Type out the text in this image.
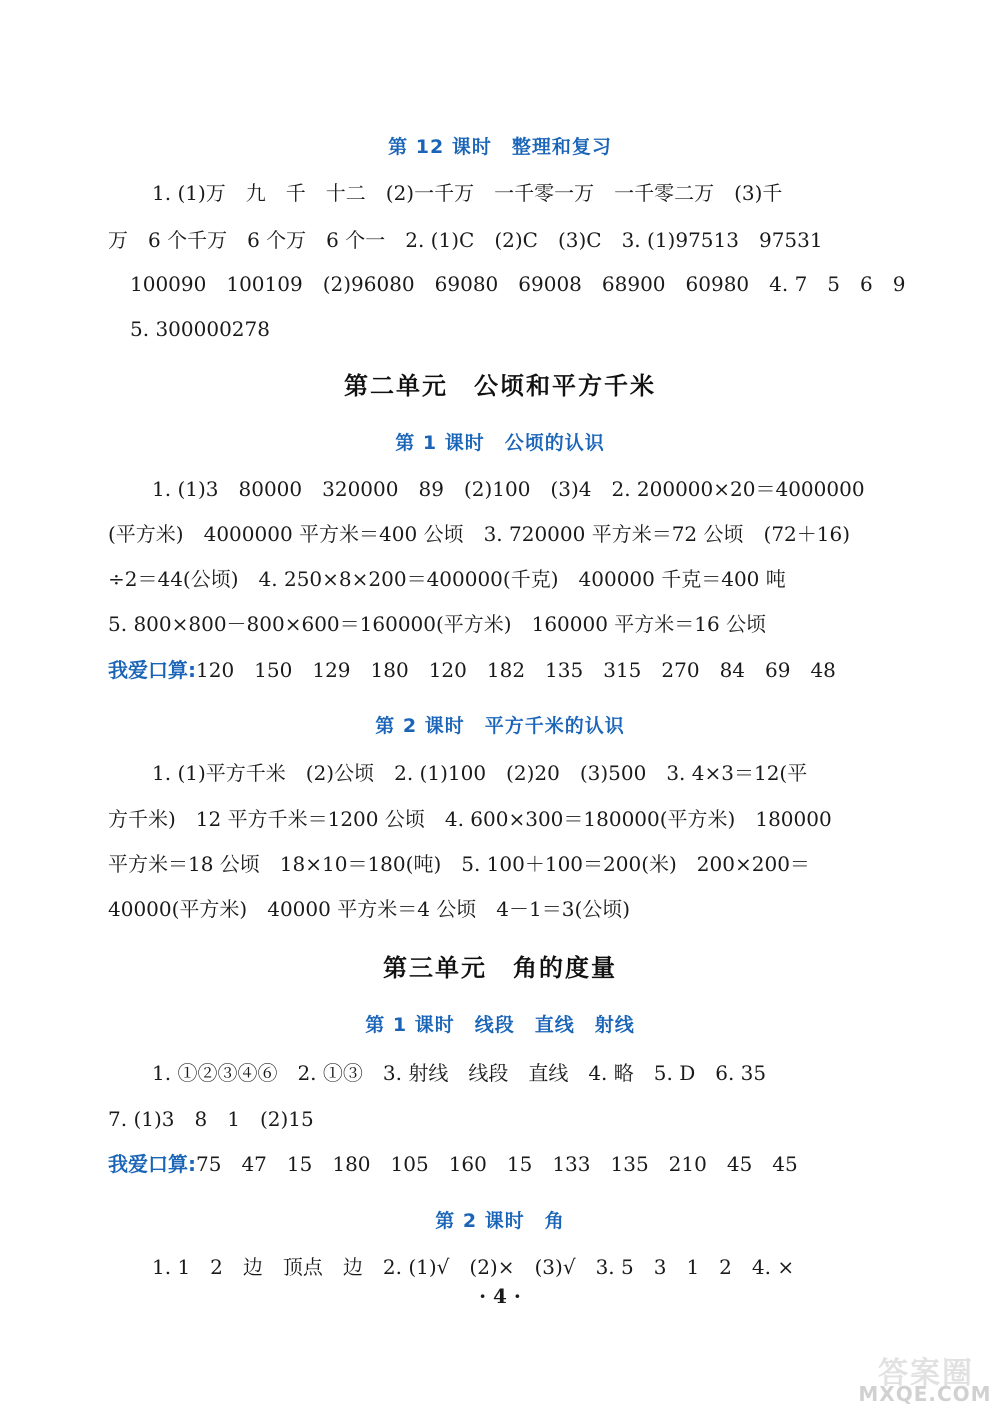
第 12 课时　整理和复习
1. (1)万　九　千　十二　(2)一千万　一千零一万　一千零二万　(3)千
万　6 个千万　6 个万　6 个一　2. (1)C　(2)C　(3)C　3. (1)97513　97531
100090　100109　(2)96080　69080　69008　68900　60980　4. 7　5　6　9
5. 300000278
第二单元　公顷和平方千米
第 1 课时　公顷的认识
1. (1)3　80000　320000　89　(2)100　(3)4　2. 200000×20＝4000000
(平方米)　4000000 平方米＝400 公顷　3. 720000 平方米＝72 公顷　(72＋16)
÷2＝44(公顷)　4. 250×8×200＝400000(千克)　400000 千克＝400 吨
5. 800×800－800×600＝160000(平方米)　160000 平方米＝16 公顷
我爱口算:120　150　129　180　120　182　135　315　270　84　69　48
第 2 课时　平方千米的认识
1. (1)平方千米　(2)公顷　2. (1)100　(2)20　(3)500　3. 4×3＝12(平
方千米)　12 平方千米＝1200 公顷　4. 600×300＝180000(平方米)　180000
平方米＝18 公顷　18×10＝180(吨)　5. 100＋100＝200(米)　200×200＝
40000(平方米)　40000 平方米＝4 公顷　4－1＝3(公顷)
第三单元　角的度量
第 1 课时　线段　直线　射线
1. ①②③④⑥　2. ①③　3. 射线　线段　直线　4. 略　5. D　6. 35
7. (1)3　8　1　(2)15
我爱口算:75　47　15　180　105　160　15　133　135　210　45　45
第 2 课时　角
1. 1　2　边　顶点　边　2. (1)√　(2)×　(3)√　3. 5　3　1　2　4. ×
· 4 ·
答案圈
MXQE.COM
